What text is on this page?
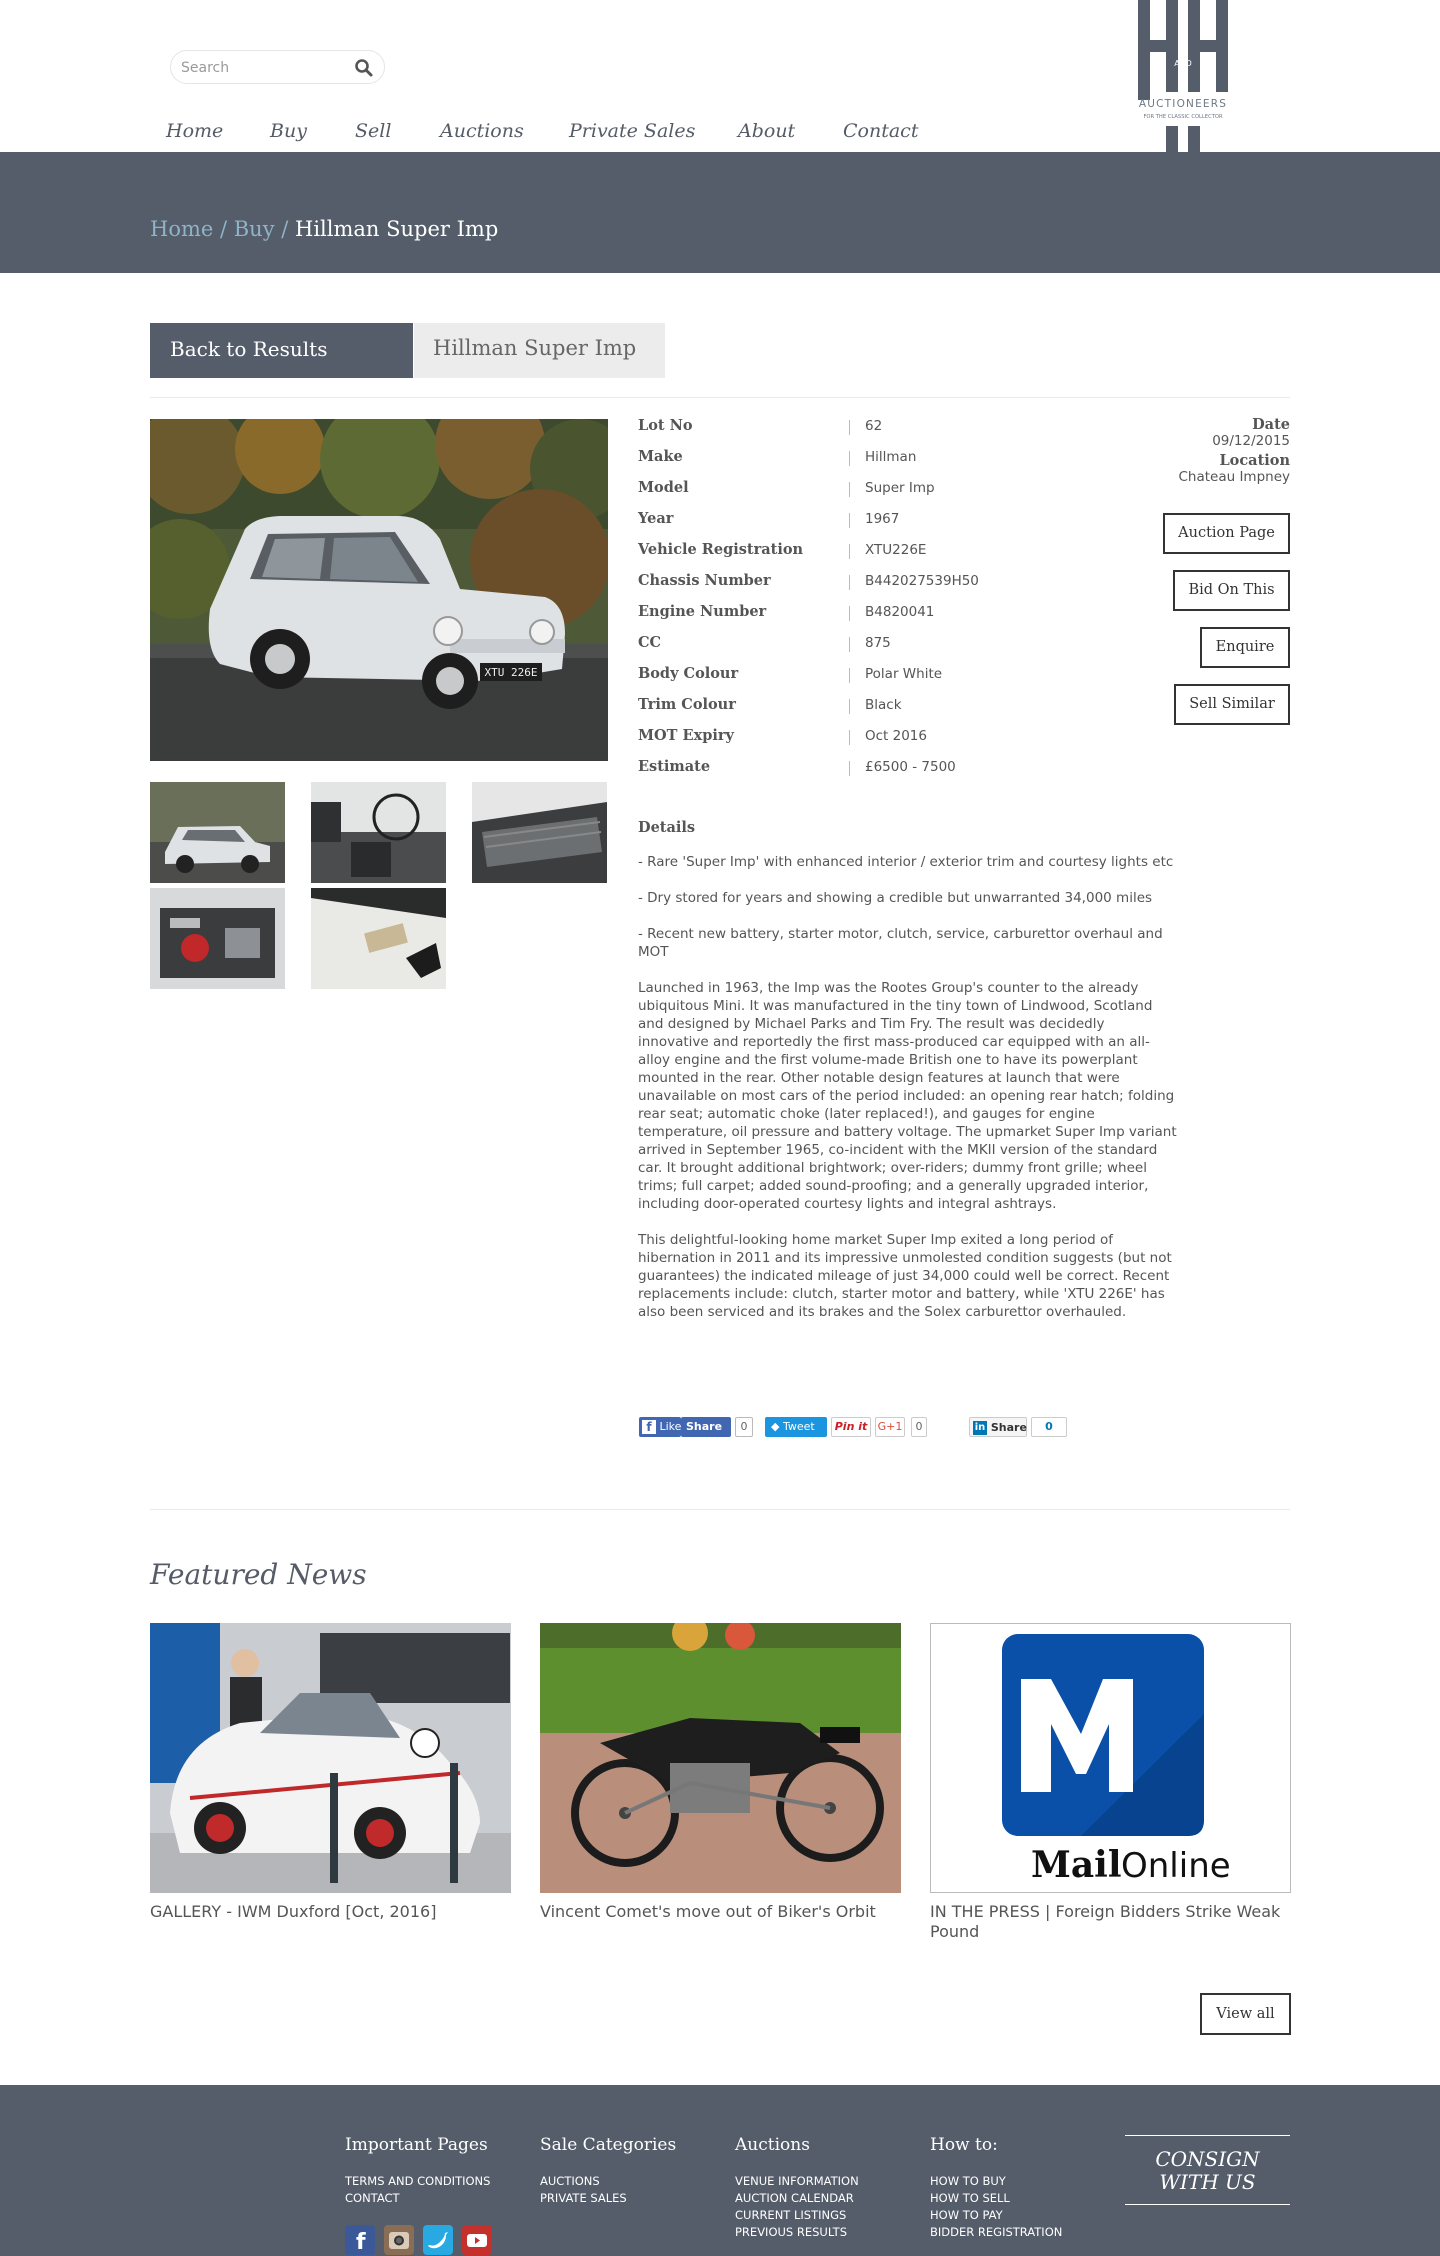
Search
Home Buy	Sell	Auctions Private Sales About	Contact
AND
AUCTIONEERS
FOR THE CLASSIC COLLECTOR
Home / Buy / Hillman Super Imp
Back to Results	Hillman Super Imp
XTU 226E
Lot No	62
Make	Hillman
Model	Super Imp
Year	1967
Vehicle Registration	XTU226E
Chassis Number	B442027539H50
Engine Number	B4820041
CC	875
Body Colour	Polar White
Trim Colour	Black
MOT Expiry	Oct 2016
Estimate	£6500 - 7500
Date
09/12/2015
Location
Chateau Impney
Auction Page
Bid On This
Enquire
Sell Similar
Details

- Rare 'Super Imp' with enhanced interior / exterior trim and courtesy lights etc

- Dry stored for years and showing a credible but unwarranted 34,000 miles

- Recent new battery, starter motor, clutch, service, carburettor overhaul and MOT

Launched in 1963, the Imp was the Rootes Group's counter to the already ubiquitous Mini. It was manufactured in the tiny town of Lindwood, Scotland and designed by Michael Parks and Tim Fry. The result was decidedly innovative and reportedly the first mass-produced car equipped with an all-alloy engine and the first volume-made British one to have its powerplant mounted in the rear. Other notable design features at launch that were unavailable on most cars of the period included: an opening rear hatch; folding rear seat; automatic choke (later replaced!), and gauges for engine temperature, oil pressure and battery voltage. The upmarket Super Imp variant arrived in September 1965, co-incident with the MKII version of the standard car. It brought additional brightwork; over-riders; dummy front grille; wheel trims; full carpet; added sound-proofing; and a generally upgraded interior, including door-operated courtesy lights and integral ashtrays.

This delightful-looking home market Super Imp exited a long period of hibernation in 2011 and its impressive unmolested condition suggests (but not guarantees) the indicated mileage of just 34,000 could well be correct. Recent replacements include: clutch, starter motor and battery, while 'XTU 226E' has also been serviced and its brakes and the Solex carburettor overhauled.

f Like Share	0	◆ Tweet	Pin it G+1	0	in Share	0
Featured News
GALLERY - IWM Duxford [Oct, 2016]	Vincent Comet's move out of Biker's Orbit
Mail Online
IN THE PRESS | Foreign Bidders Strike Weak Pound
View all
Important Pages
TERMS AND CONDITIONS
CONTACT
Sale Categories
AUCTIONS
PRIVATE SALES
Auctions
VENUE INFORMATION
AUCTION CALENDAR
CURRENT LISTINGS
PREVIOUS RESULTS
How to:
HOW TO BUY
HOW TO SELL
HOW TO PAY
BIDDER REGISTRATION
CONSIGN
WITH US
f
